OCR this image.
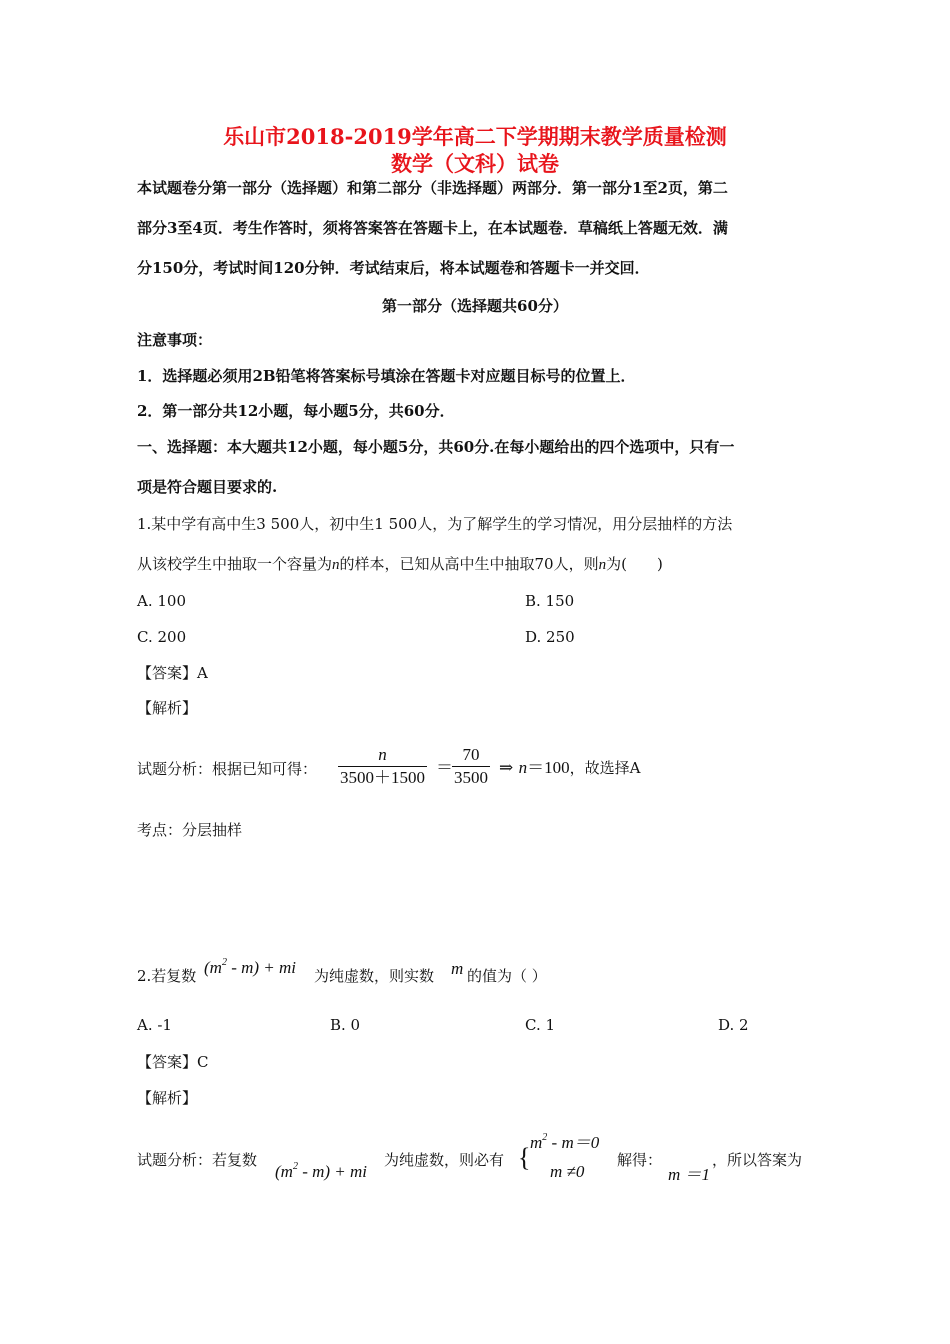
乐山市2018-2019学年高二下学期期末教学质量检测
数学（文科）试卷
本试题卷分第一部分（选择题）和第二部分（非选择题）两部分．第一部分1至2页，第二
部分3至4页．考生作答时，须将答案答在答题卡上，在本试题卷．草稿纸上答题无效．满
分150分，考试时间120分钟．考试结束后，将本试题卷和答题卡一并交回．
第一部分（选择题共60分）
注意事项：
1．选择题必须用2B铅笔将答案标号填涂在答题卡对应题目标号的位置上．
2．第一部分共12小题，每小题5分，共60分．
一、选择题：本大题共12小题，每小题5分，共60分.在每小题给出的四个选项中，只有一
项是符合题目要求的.
1.某中学有高中生3 500人，初中生1 500人，为了解学生的学习情况，用分层抽样的方法
从该校学生中抽取一个容量为n的样本，已知从高中生中抽取70人，则n为(　　)
A. 100	B. 150
C. 200	D. 250
【答案】A
【解析】
试题分析：根据已知可得：
n
3500＋1500
＝
70
3500
⇒ n＝100，故选择A
考点：分层抽样
2.若复数 $(m^2 - m)$ + mi 为纯虚数，则实数 m 的值为（ ）
A. -1	B. 0	C. 1	D. 2
【答案】C
【解析】
试题分析：若复数
$(m^2 - m)$ + mi
为纯虚数，则必有 {
$m^2 - m=0$
m ≠0
解得：
m ＝1
，所以答案为
